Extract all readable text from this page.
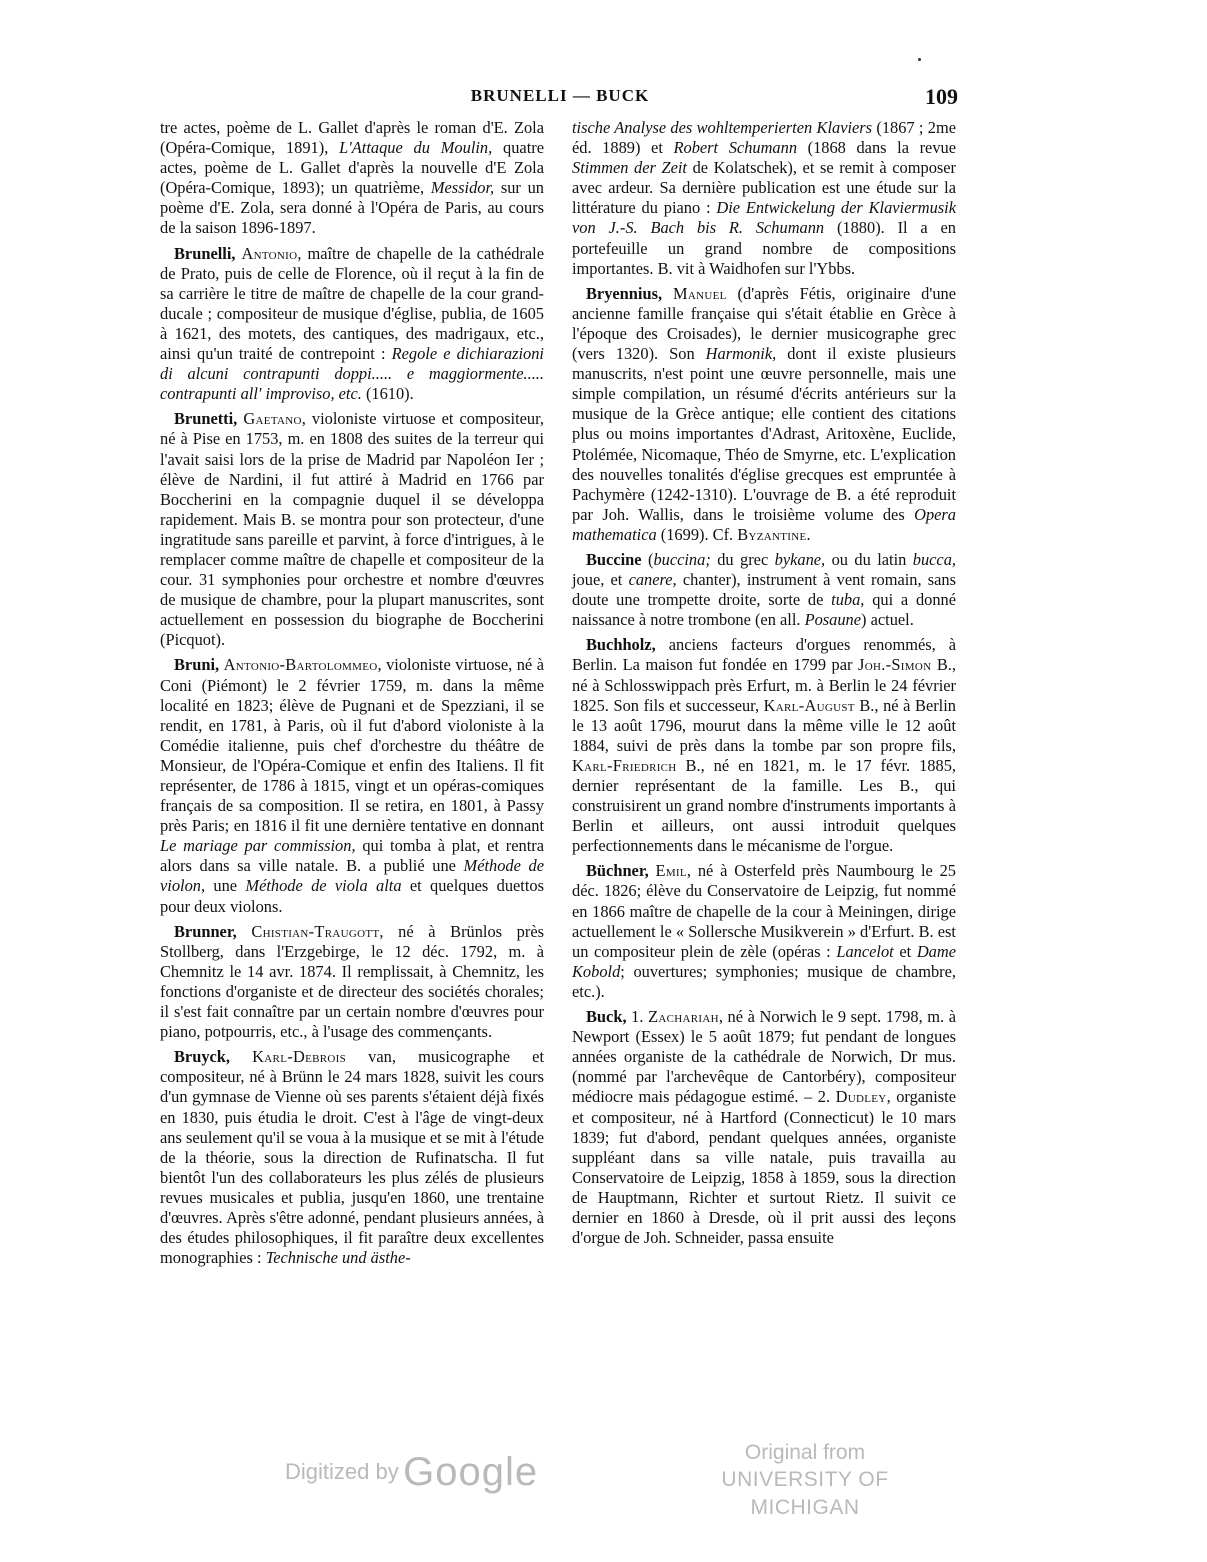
BRUNELLI — BUCK	109

tre actes, poème de L. Gallet d'après le roman d'E. Zola (Opéra-Comique, 1891), L'Attaque du Moulin, quatre actes, poème de L. Gallet d'après la nouvelle d'E Zola (Opéra-Comique, 1893); un quatrième, Messidor, sur un poème d'E. Zola, sera donné à l'Opéra de Paris, au cours de la saison 1896-1897.

Brunelli, Antonio, maître de chapelle de la cathédrale de Prato, puis de celle de Florence, où il reçut à la fin de sa carrière le titre de maître de chapelle de la cour grand-ducale ; compositeur de musique d'église, publia, de 1605 à 1621, des motets, des cantiques, des madrigaux, etc., ainsi qu'un traité de contrepoint : Regole e dichiarazioni di alcuni contrapunti doppi..... e maggiormente..... contrapunti all' improviso, etc. (1610).

Brunetti, Gaetano, violoniste virtuose et compositeur, né à Pise en 1753, m. en 1808 des suites de la terreur qui l'avait saisi lors de la prise de Madrid par Napoléon Ier ; élève de Nardini, il fut attiré à Madrid en 1766 par Boccherini en la compagnie duquel il se développa rapidement. Mais B. se montra pour son protecteur, d'une ingratitude sans pareille et parvint, à force d'intrigues, à le remplacer comme maître de chapelle et compositeur de la cour. 31 symphonies pour orchestre et nombre d'œuvres de musique de chambre, pour la plupart manuscrites, sont actuellement en possession du biographe de Boccherini (Picquot).

Bruni, Antonio-Bartolommeo, violoniste virtuose, né à Coni (Piémont) le 2 février 1759, m. dans la même localité en 1823; élève de Pugnani et de Spezziani, il se rendit, en 1781, à Paris, où il fut d'abord violoniste à la Comédie italienne, puis chef d'orchestre du théâtre de Monsieur, de l'Opéra-Comique et enfin des Italiens. Il fit représenter, de 1786 à 1815, vingt et un opéras-comiques français de sa composition. Il se retira, en 1801, à Passy près Paris; en 1816 il fit une dernière tentative en donnant Le mariage par commission, qui tomba à plat, et rentra alors dans sa ville natale. B. a publié une Méthode de violon, une Méthode de viola alta et quelques duettos pour deux violons.

Brunner, Chistian-Traugott, né à Brünlos près Stollberg, dans l'Erzgebirge, le 12 déc. 1792, m. à Chemnitz le 14 avr. 1874. Il remplissait, à Chemnitz, les fonctions d'organiste et de directeur des sociétés chorales; il s'est fait connaître par un certain nombre d'œuvres pour piano, potpourris, etc., à l'usage des commençants.

Bruyck, Karl-Debrois van, musicographe et compositeur, né à Brünn le 24 mars 1828, suivit les cours d'un gymnase de Vienne où ses parents s'étaient déjà fixés en 1830, puis étudia le droit. C'est à l'âge de vingt-deux ans seulement qu'il se voua à la musique et se mit à l'étude de la théorie, sous la direction de Rufinatscha. Il fut bientôt l'un des collaborateurs les plus zélés de plusieurs revues musicales et publia, jusqu'en 1860, une trentaine d'œuvres. Après s'être adonné, pendant plusieurs années, à des études philosophiques, il fit paraître deux excellentes monographies : Technische und ästhe-

tische Analyse des wohltemperierten Klaviers (1867 ; 2me éd. 1889) et Robert Schumann (1868 dans la revue Stimmen der Zeit de Kolatschek), et se remit à composer avec ardeur. Sa dernière publication est une étude sur la littérature du piano : Die Entwickelung der Klaviermusik von J.-S. Bach bis R. Schumann (1880). Il a en portefeuille un grand nombre de compositions importantes. B. vit à Waidhofen sur l'Ybbs.

Bryennius, Manuel (d'après Fétis, originaire d'une ancienne famille française qui s'était établie en Grèce à l'époque des Croisades), le dernier musicographe grec (vers 1320). Son Harmonik, dont il existe plusieurs manuscrits, n'est point une œuvre personnelle, mais une simple compilation, un résumé d'écrits antérieurs sur la musique de la Grèce antique; elle contient des citations plus ou moins importantes d'Adrast, Aritoxène, Euclide, Ptolémée, Nicomaque, Théo de Smyrne, etc. L'explication des nouvelles tonalités d'église grecques est empruntée à Pachymère (1242-1310). L'ouvrage de B. a été reproduit par Joh. Wallis, dans le troisième volume des Opera mathematica (1699). Cf. Byzantine.

Buccine (buccina; du grec bykane, ou du latin bucca, joue, et canere, chanter), instrument à vent romain, sans doute une trompette droite, sorte de tuba, qui a donné naissance à notre trombone (en all. Posaune) actuel.

Buchholz, anciens facteurs d'orgues renommés, à Berlin. La maison fut fondée en 1799 par Joh.-Simon B., né à Schlosswippach près Erfurt, m. à Berlin le 24 février 1825. Son fils et successeur, Karl-August B., né à Berlin le 13 août 1796, mourut dans la même ville le 12 août 1884, suivi de près dans la tombe par son propre fils, Karl-Friedrich B., né en 1821, m. le 17 févr. 1885, dernier représentant de la famille. Les B., qui construisirent un grand nombre d'instruments importants à Berlin et ailleurs, ont aussi introduit quelques perfectionnements dans le mécanisme de l'orgue.

Büchner, Emil, né à Osterfeld près Naumbourg le 25 déc. 1826; élève du Conservatoire de Leipzig, fut nommé en 1866 maître de chapelle de la cour à Meiningen, dirige actuellement le « Sollersche Musikverein » d'Erfurt. B. est un compositeur plein de zèle (opéras : Lancelot et Dame Kobold; ouvertures; symphonies; musique de chambre, etc.).

Buck, 1. Zachariah, né à Norwich le 9 sept. 1798, m. à Newport (Essex) le 5 août 1879; fut pendant de longues années organiste de la cathédrale de Norwich, Dr mus. (nommé par l'archevêque de Cantorbéry), compositeur médiocre mais pédagogue estimé. – 2. Dudley, organiste et compositeur, né à Hartford (Connecticut) le 10 mars 1839; fut d'abord, pendant quelques années, organiste suppléant dans sa ville natale, puis travailla au Conservatoire de Leipzig, 1858 à 1859, sous la direction de Hauptmann, Richter et surtout Rietz. Il suivit ce dernier en 1860 à Dresde, où il prit aussi des leçons d'orgue de Joh. Schneider, passa ensuite

Digitized by Google	Original from
UNIVERSITY OF MICHIGAN
